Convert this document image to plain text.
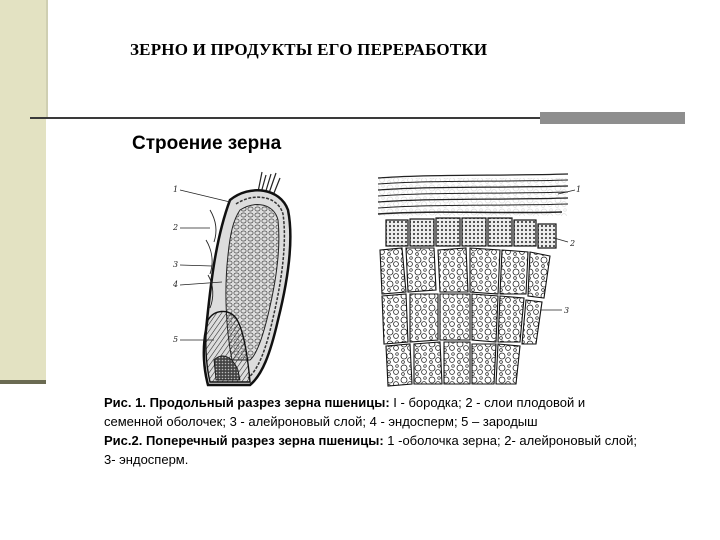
ЗЕРНО И ПРОДУКТЫ ЕГО ПЕРЕРАБОТКИ
Строение зерна
1
2
3
4
5
1
2
3

Рис. 1. Продольный разрез зерна пшеницы: I - бородка; 2 - слои плодовой и семенной оболочек; 3 - алейроновый слой; 4 - эндосперм; 5 – зародыш

Рис.2. Поперечный разрез зерна пшеницы: 1 -оболочка зерна; 2- алейроновый слой; 3- эндосперм.
